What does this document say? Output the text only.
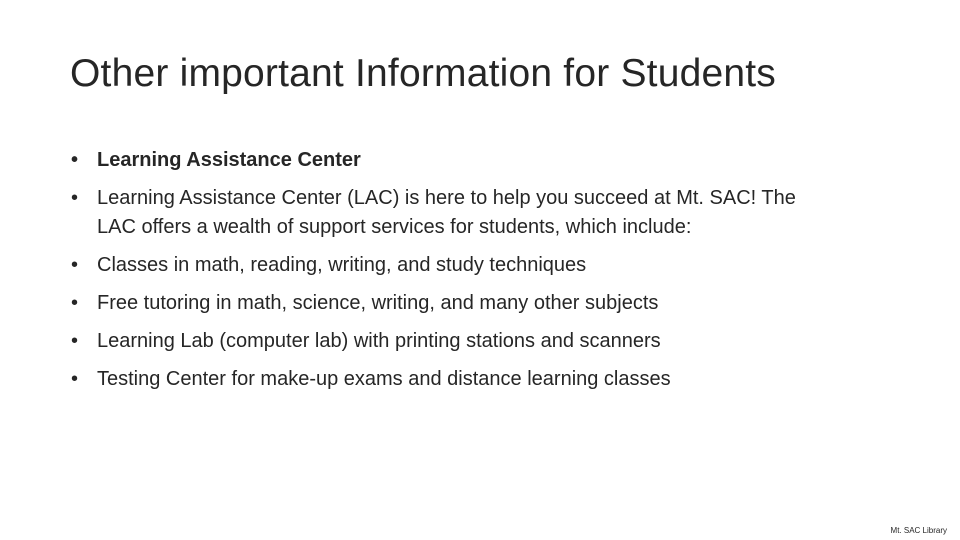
Other important Information for Students
• Learning Assistance Center
• Learning Assistance Center (LAC) is here to help you succeed at Mt. SAC! The LAC offers a wealth of support services for students, which include:
• Classes in math, reading, writing, and study techniques
• Free tutoring in math, science, writing, and many other subjects
• Learning Lab (computer lab) with printing stations and scanners
• Testing Center for make-up exams and distance learning classes
Mt. SAC Library
